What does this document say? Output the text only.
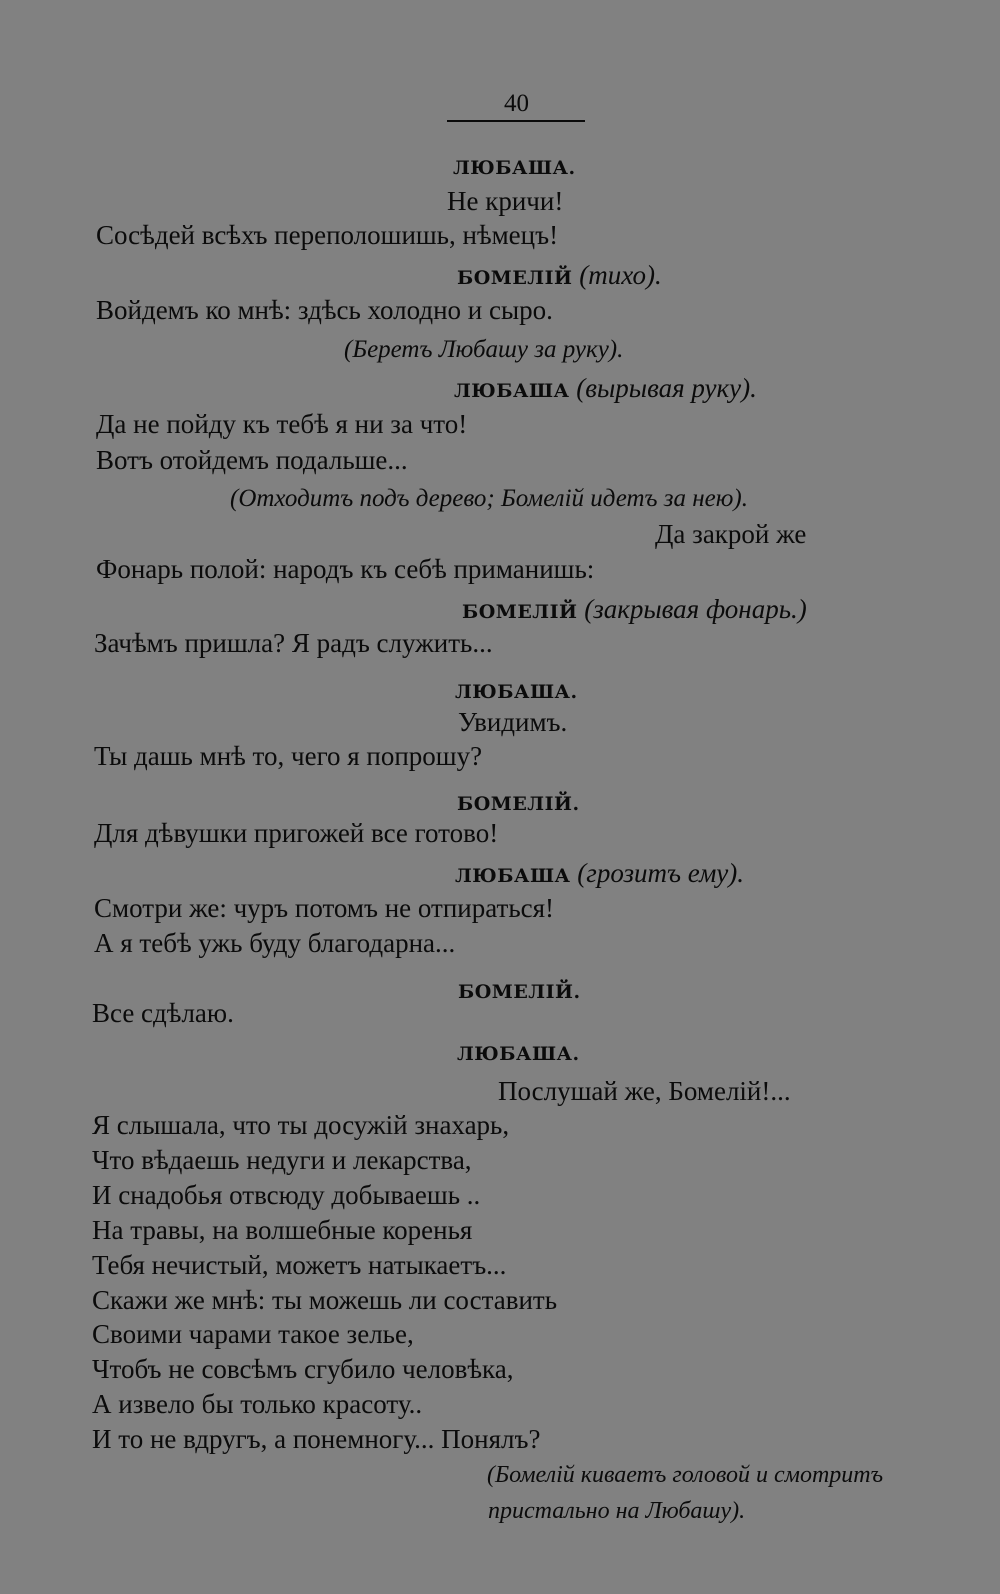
40
ЛЮБАША.
Не кричи!
Сосѣдей всѣхъ переполошишь, нѣмецъ!
БОМЕЛІЙ (тихо).
Войдемъ ко мнѣ: здѣсь холодно и сыро.
(Беретъ Любашу за руку).
ЛЮБАША (вырывая руку).
Да не пойду къ тебѣ я ни за что!
Вотъ отойдемъ подальше...
(Отходитъ подъ дерево; Бомелій идетъ за нею).
Да закрой же
Фонарь полой: народъ къ себѣ приманишь:
БОМЕЛІЙ (закрывая фонарь.)
Зачѣмъ пришла? Я радъ служить...
ЛЮБАША.
Увидимъ.
Ты дашь мнѣ то, чего я попрошу?
БОМЕЛІЙ.
Для дѣвушки пригожей все готово!
ЛЮБАША (грозитъ ему).
Смотри же: чуръ потомъ не отпираться!
А я тебѣ ужь буду благодарна...
БОМЕЛІЙ.
Все сдѣлаю.
ЛЮБАША.
Послушай же, Бомелій!...
Я слышала, что ты досужій знахарь,
Что вѣдаешь недуги и лекарства,
И снадобья отвсюду добываешь ..
На травы, на волшебные коренья
Тебя нечистый, можетъ натыкаетъ...
Скажи же мнѣ: ты можешь ли составить
Своими чарами такое зелье,
Чтобъ не совсѣмъ сгубило человѣка,
А извело бы только красоту..
И то не вдругъ, а понемногу... Понялъ?
(Бомелій киваетъ головой и смотритъ
пристально на Любашу).
